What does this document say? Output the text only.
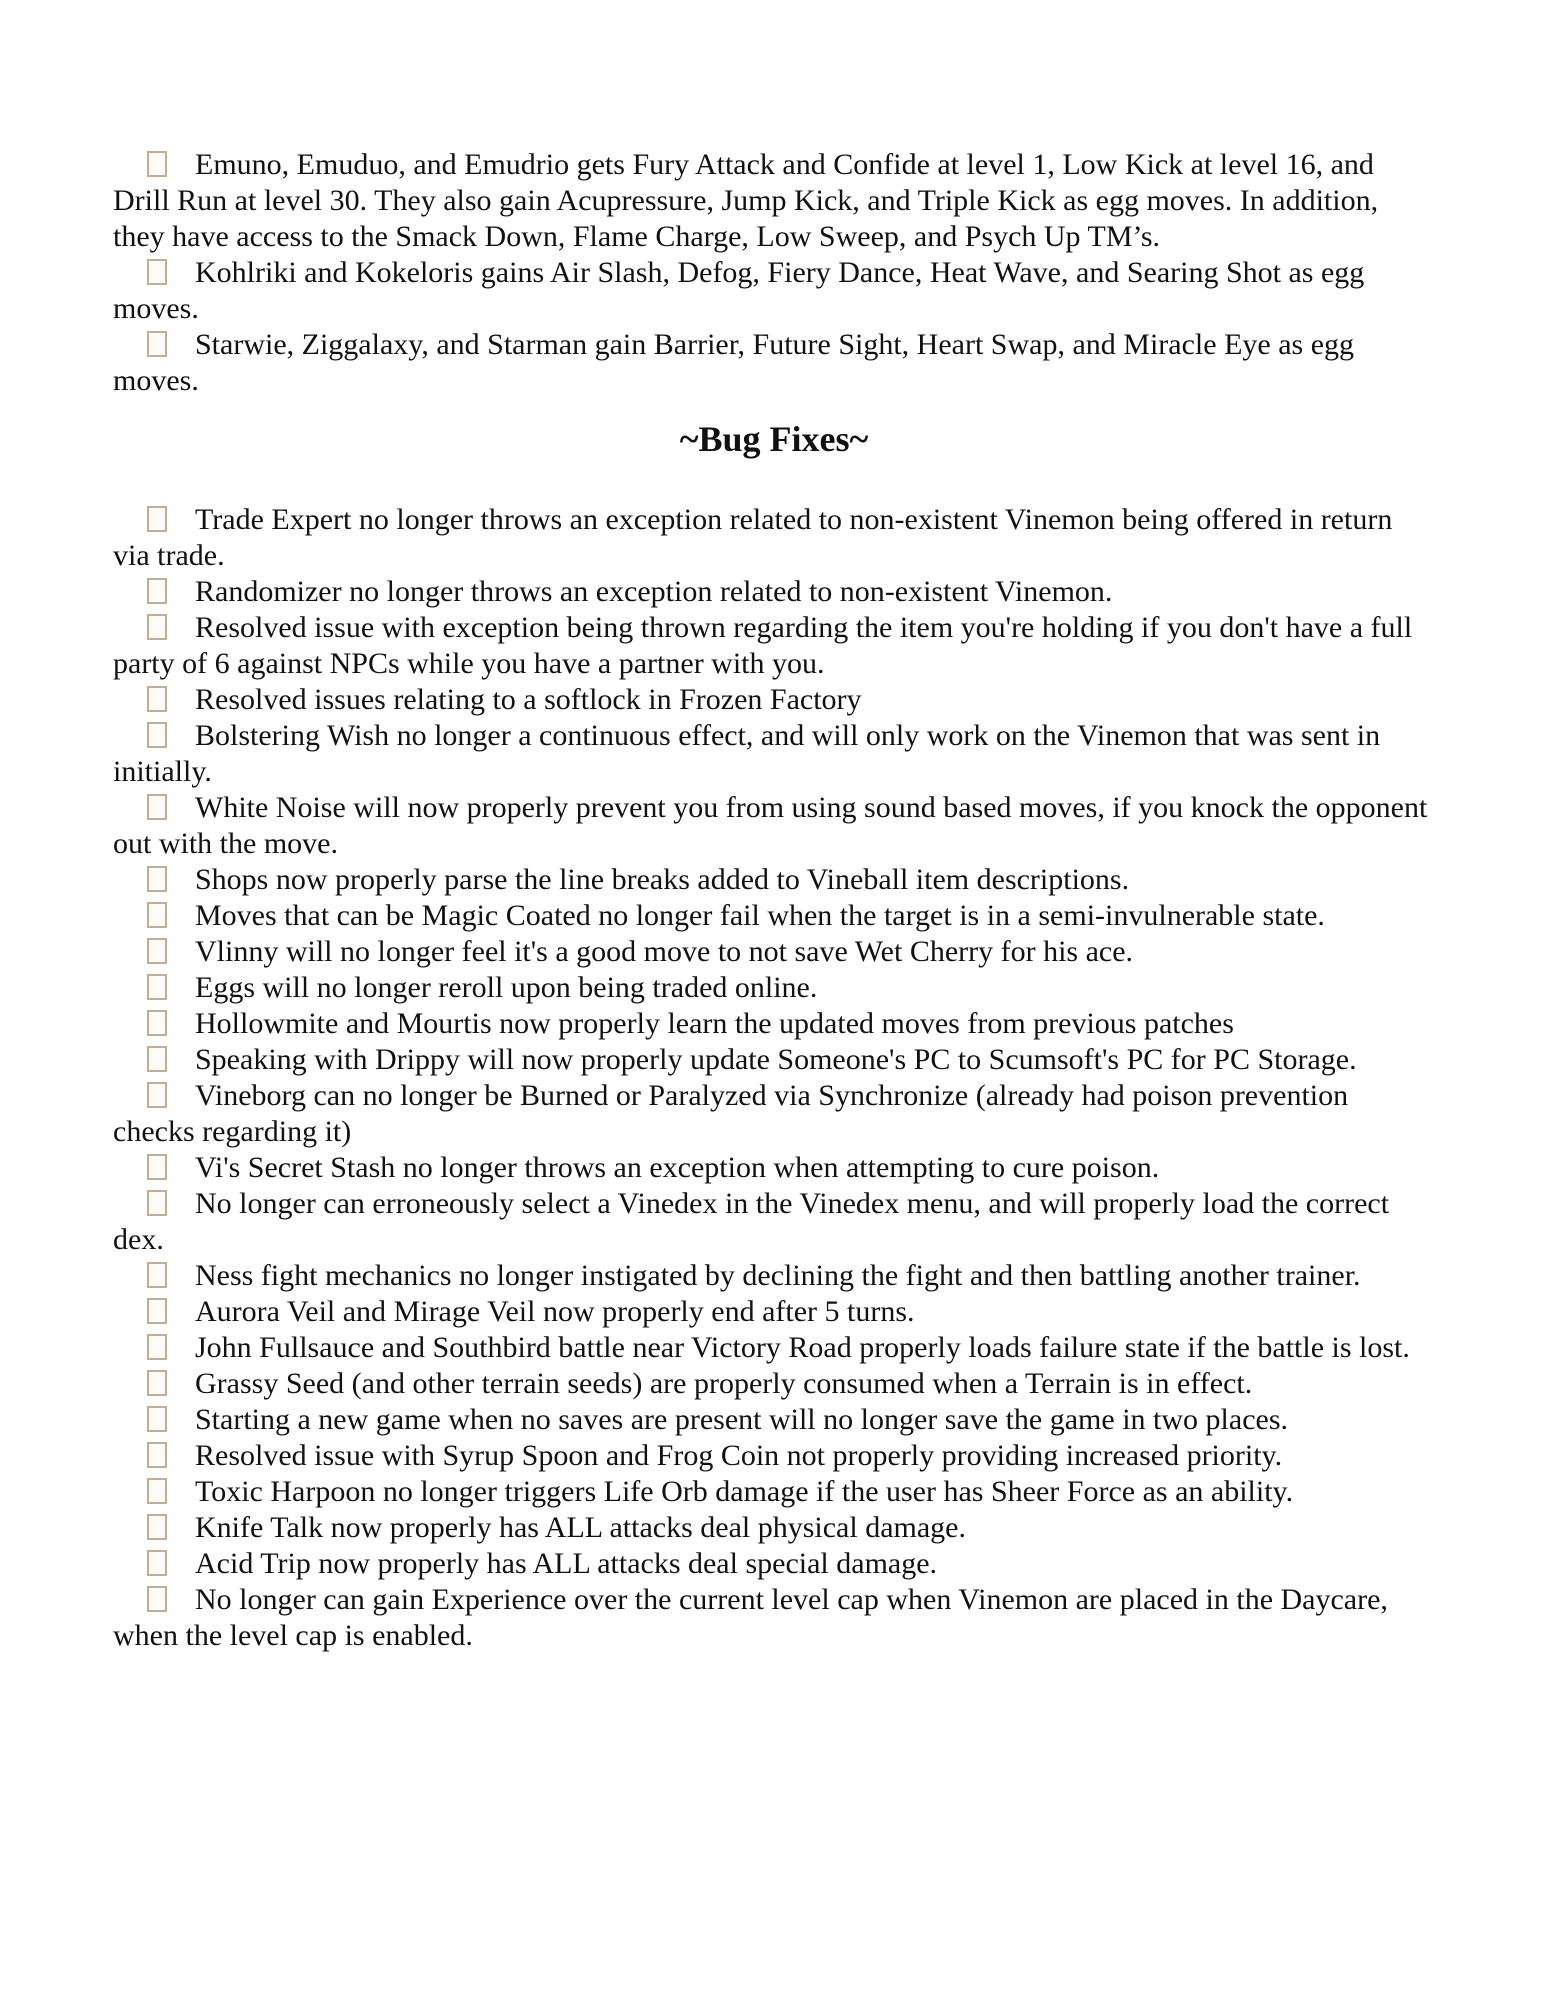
Emuno, Emuduo, and Emudrio gets Fury Attack and Confide at level 1, Low Kick at level 16, and Drill Run at level 30. They also gain Acupressure, Jump Kick, and Triple Kick as egg moves. In addition, they have access to the Smack Down, Flame Charge, Low Sweep, and Psych Up TM’s.

Kohlriki and Kokeloris gains Air Slash, Defog, Fiery Dance, Heat Wave, and Searing Shot as egg moves.

Starwie, Ziggalaxy, and Starman gain Barrier, Future Sight, Heart Swap, and Miracle Eye as egg moves.

~Bug Fixes~

Trade Expert no longer throws an exception related to non-existent Vinemon being offered in return via trade.

Randomizer no longer throws an exception related to non-existent Vinemon.

Resolved issue with exception being thrown regarding the item you're holding if you don't have a full party of 6 against NPCs while you have a partner with you.

Resolved issues relating to a softlock in Frozen Factory

Bolstering Wish no longer a continuous effect, and will only work on the Vinemon that was sent in initially.

White Noise will now properly prevent you from using sound based moves, if you knock the opponent out with the move.

Shops now properly parse the line breaks added to Vineball item descriptions.

Moves that can be Magic Coated no longer fail when the target is in a semi-invulnerable state.

Vlinny will no longer feel it's a good move to not save Wet Cherry for his ace.

Eggs will no longer reroll upon being traded online.

Hollowmite and Mourtis now properly learn the updated moves from previous patches

Speaking with Drippy will now properly update Someone's PC to Scumsoft's PC for PC Storage.

Vineborg can no longer be Burned or Paralyzed via Synchronize (already had poison prevention checks regarding it)

Vi's Secret Stash no longer throws an exception when attempting to cure poison.

No longer can erroneously select a Vinedex in the Vinedex menu, and will properly load the correct dex.

Ness fight mechanics no longer instigated by declining the fight and then battling another trainer.

Aurora Veil and Mirage Veil now properly end after 5 turns.

John Fullsauce and Southbird battle near Victory Road properly loads failure state if the battle is lost.

Grassy Seed (and other terrain seeds) are properly consumed when a Terrain is in effect.

Starting a new game when no saves are present will no longer save the game in two places.

Resolved issue with Syrup Spoon and Frog Coin not properly providing increased priority.

Toxic Harpoon no longer triggers Life Orb damage if the user has Sheer Force as an ability.

Knife Talk now properly has ALL attacks deal physical damage.

Acid Trip now properly has ALL attacks deal special damage.

No longer can gain Experience over the current level cap when Vinemon are placed in the Daycare, when the level cap is enabled.
